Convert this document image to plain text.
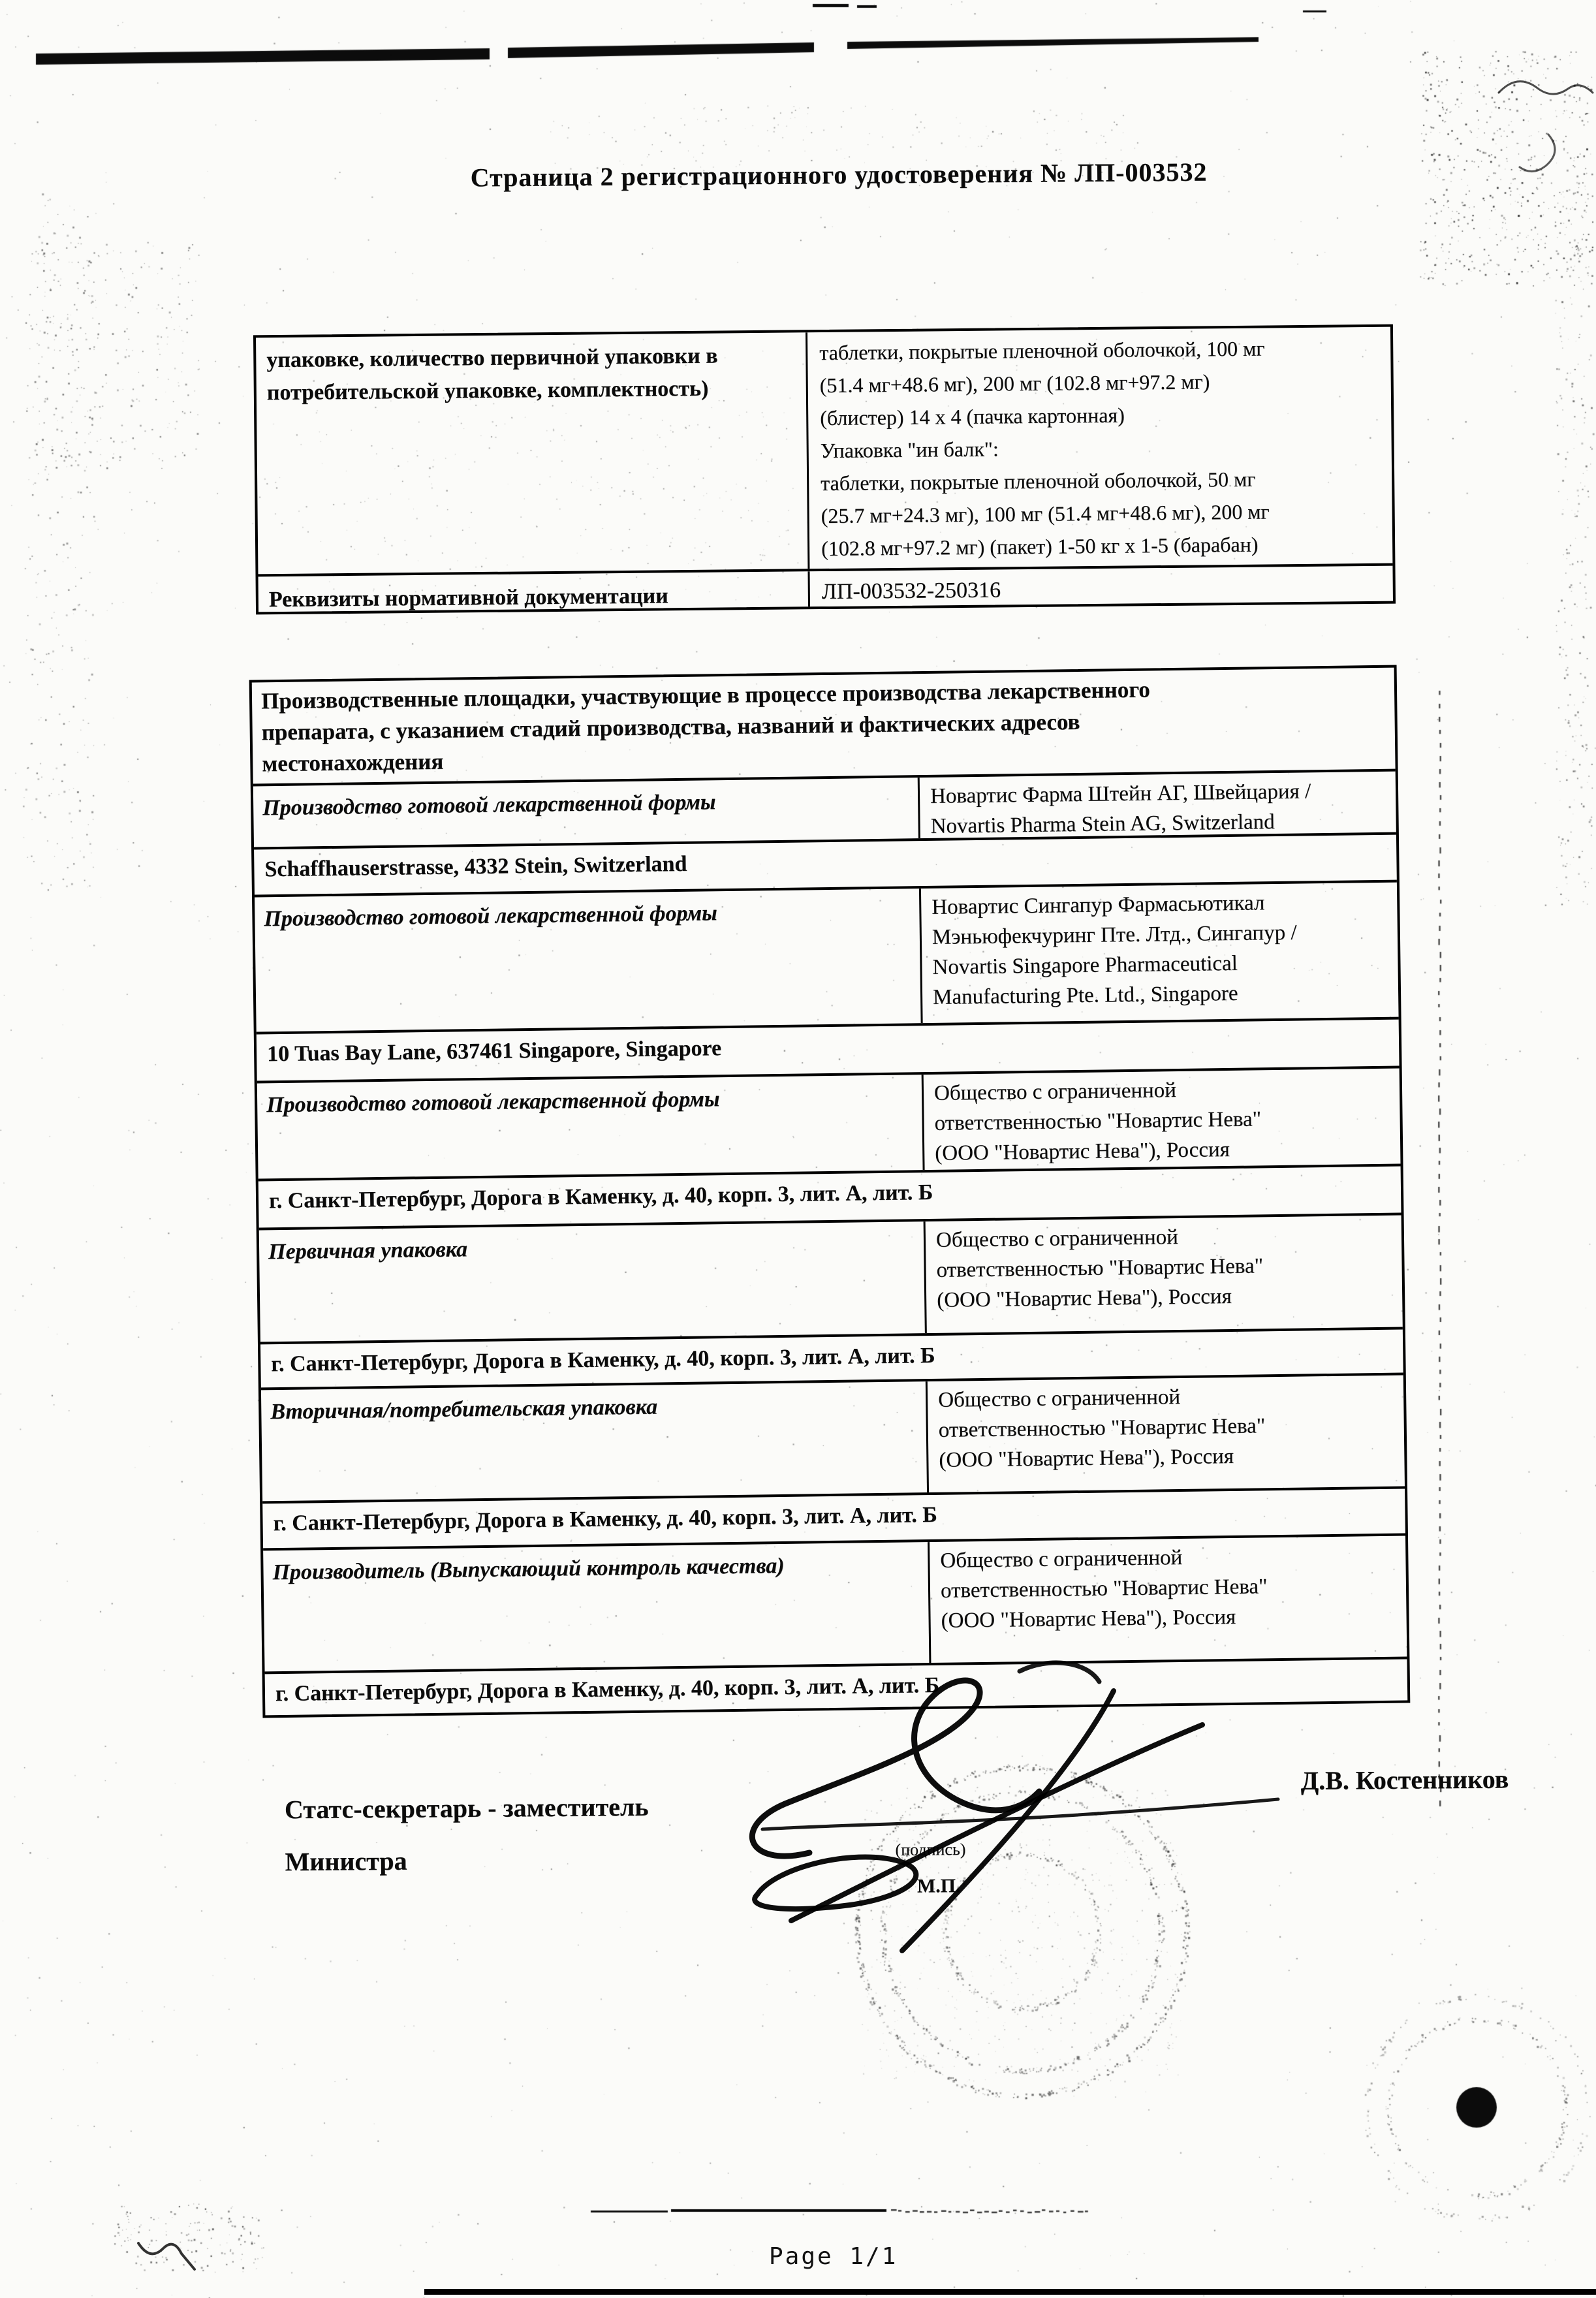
Страница 2 регистрационного удостоверения № ЛП-003532
упаковке, количество первичной упаковки в
потребительской упаковке, комплектность)
таблетки, покрытые пленочной оболочкой, 100 мг
(51.4 мг+48.6 мг), 200 мг (102.8 мг+97.2 мг)
(блистер) 14 х 4 (пачка картонная)
Упаковка "ин балк":
таблетки, покрытые пленочной оболочкой, 50 мг
(25.7 мг+24.3 мг), 100 мг (51.4 мг+48.6 мг), 200 мг
(102.8 мг+97.2 мг) (пакет) 1-50 кг х 1-5 (барабан)
Реквизиты нормативной документации	ЛП-003532-250316
Производственные площадки, участвующие в процессе производства лекарственного
препарата, с указанием стадий производства, названий и фактических адресов
местонахождения
Производство готовой лекарственной формы	Новартис Фарма Штейн АГ, Швейцария /
Novartis Pharma Stein AG, Switzerland
Schaffhauserstrasse, 4332 Stein, Switzerland
Производство готовой лекарственной формы	Новартис Сингапур Фармасьютикал
Мэньюфекчуринг Пте. Лтд., Сингапур /
Novartis Singapore Pharmaceutical
Manufacturing Pte. Ltd., Singapore
10 Tuas Bay Lane, 637461 Singapore, Singapore
Производство готовой лекарственной формы	Общество с ограниченной
ответственностью "Новартис Нева"
(ООО "Новартис Нева"), Россия
г. Санкт-Петербург, Дорога в Каменку, д. 40, корп. 3, лит. А, лит. Б
Первичная упаковка	Общество с ограниченной
ответственностью "Новартис Нева"
(ООО "Новартис Нева"), Россия
г. Санкт-Петербург, Дорога в Каменку, д. 40, корп. 3, лит. А, лит. Б
Вторичная/потребительская упаковка	Общество с ограниченной
ответственностью "Новартис Нева"
(ООО "Новартис Нева"), Россия
г. Санкт-Петербург, Дорога в Каменку, д. 40, корп. 3, лит. А, лит. Б
Производитель (Выпускающий контроль качества)	Общество с ограниченной
ответственностью "Новартис Нева"
(ООО "Новартис Нева"), Россия
г. Санкт-Петербург, Дорога в Каменку, д. 40, корп. 3, лит. А, лит. Б
Статс-секретарь - заместитель
Министра
Д.В. Костенников
(подпись)
М.П.
Page 1/1
